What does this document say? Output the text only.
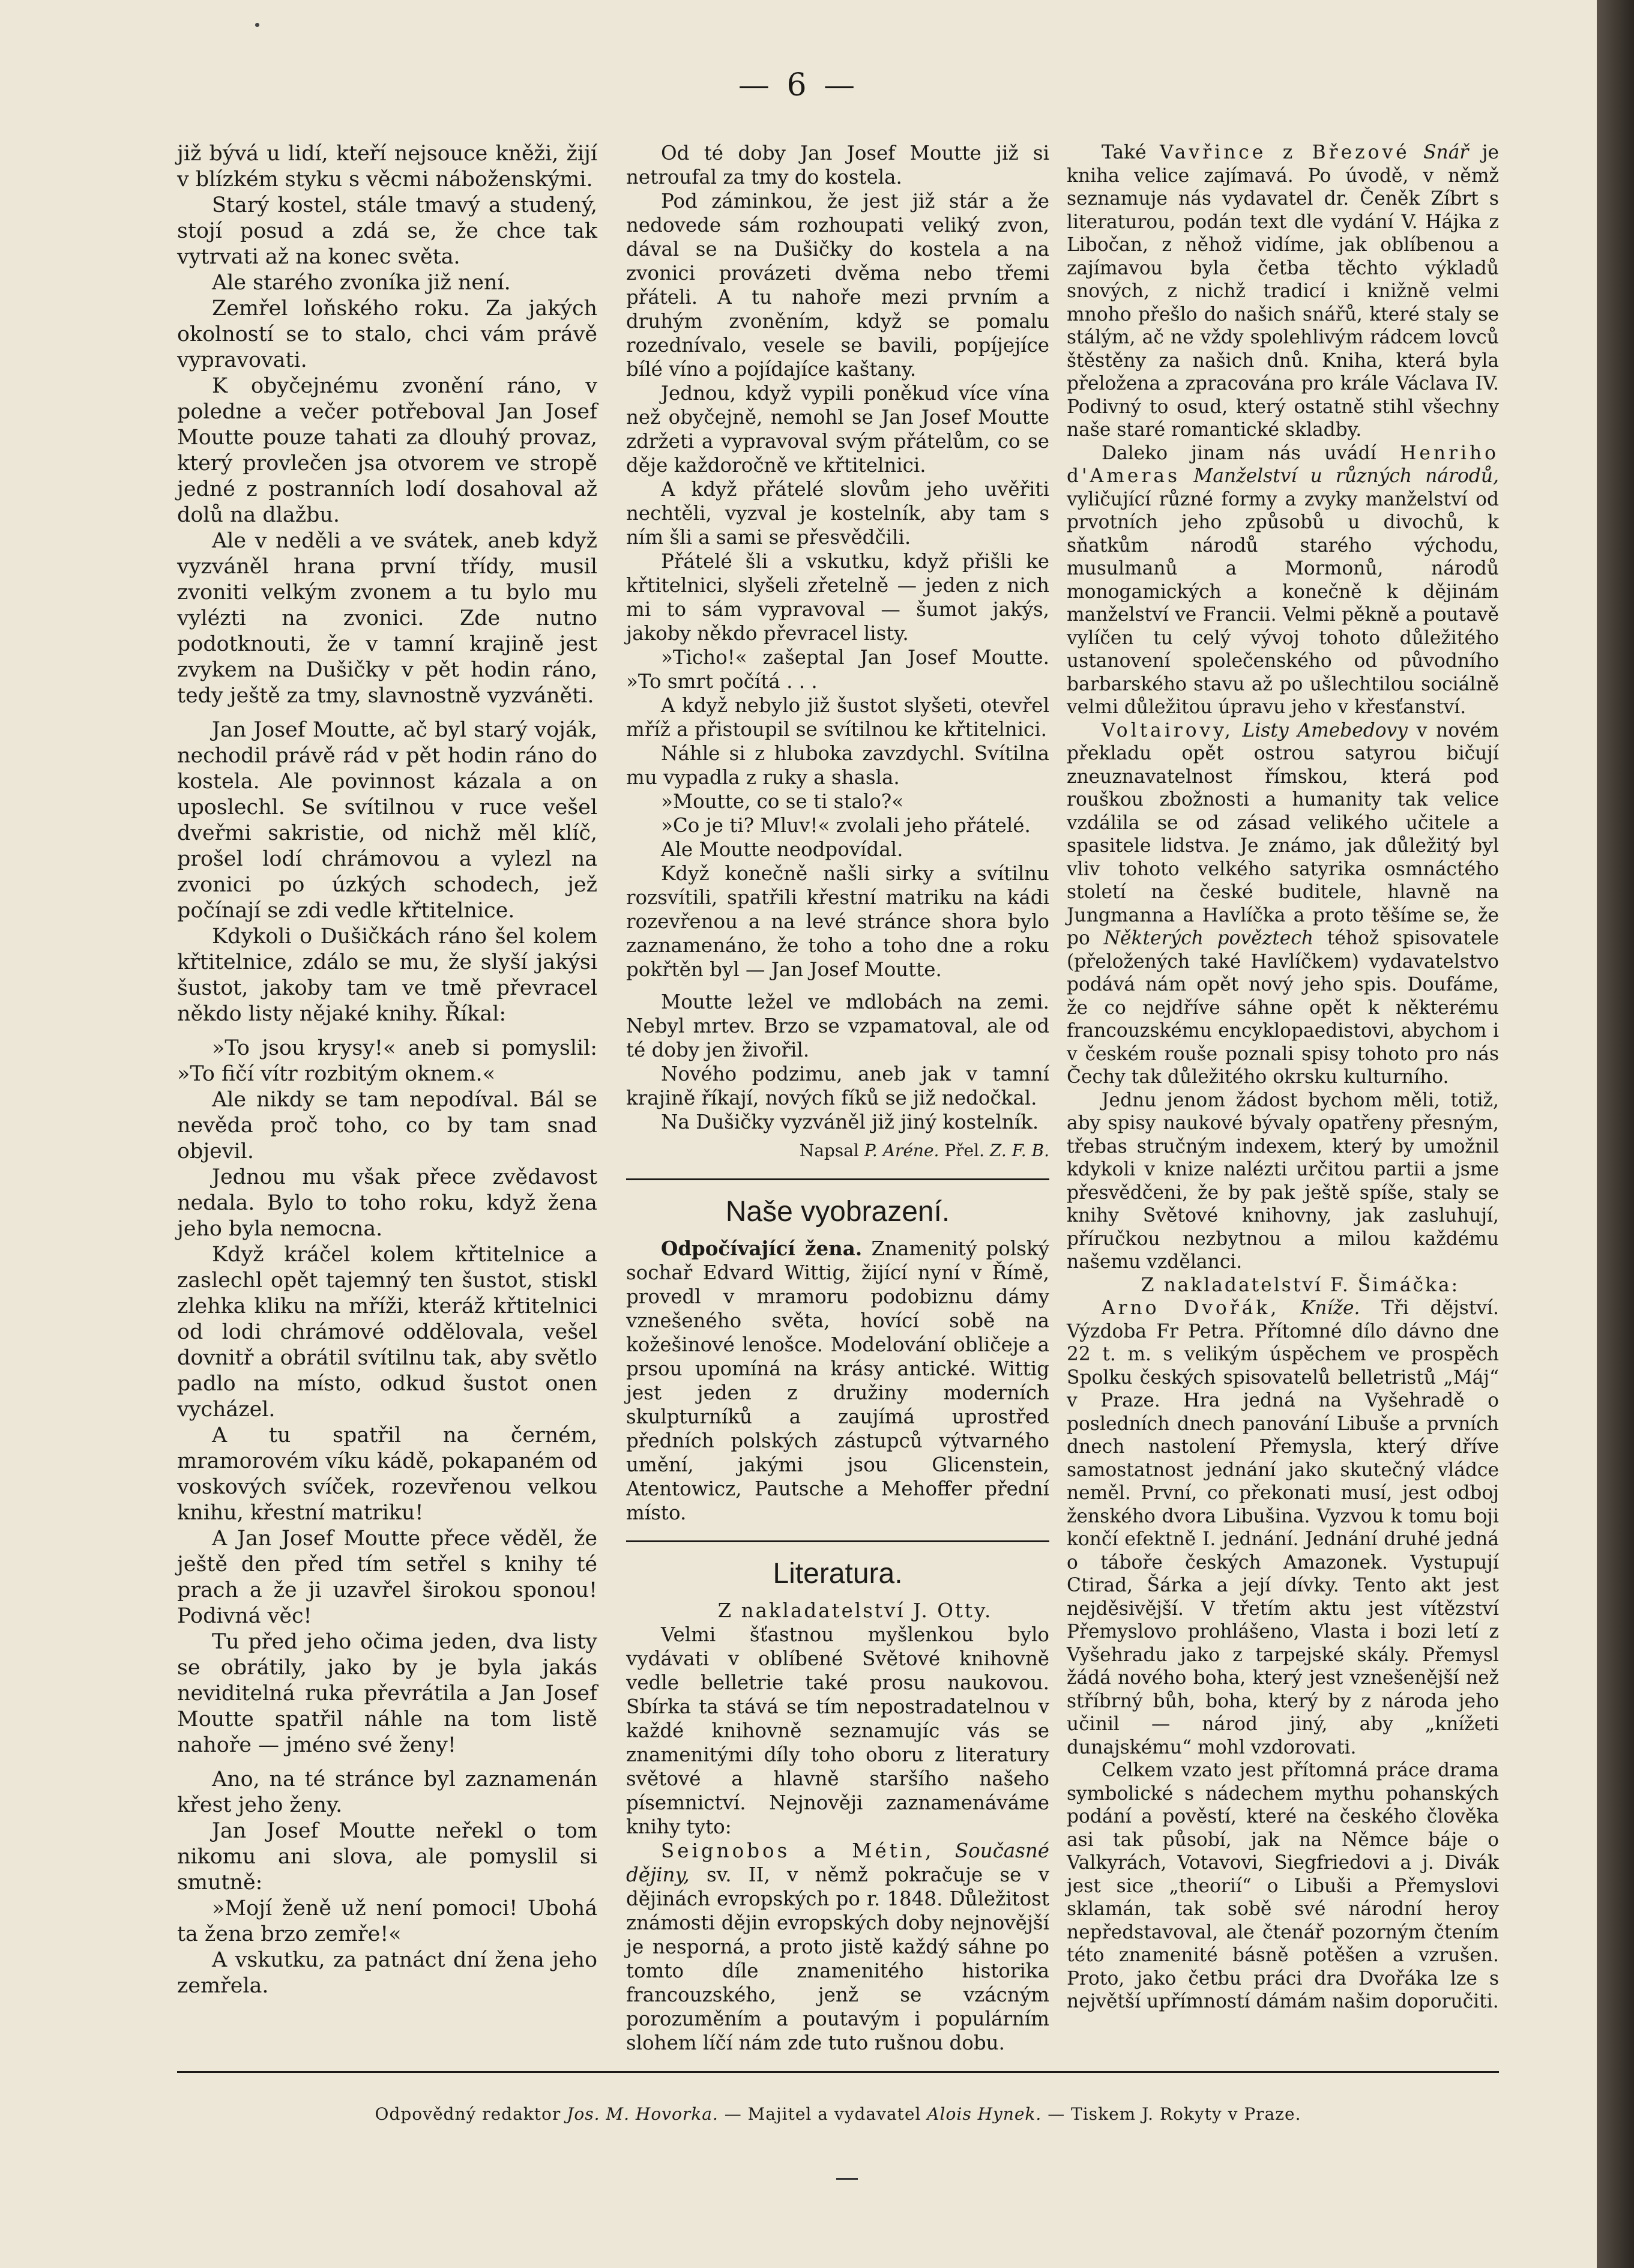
— 6 —

již bývá u lidí, kteří nejsouce kněži, žijí v blízkém styku s věcmi náboženskými.

Starý kostel, stále tmavý a studený, stojí posud a zdá se, že chce tak vytrvati až na konec světa.

Ale starého zvoníka již není.

Zemřel loňského roku. Za jakých okolností se to stalo, chci vám právě vypravovati.

K obyčejnému zvonění ráno, v poledne a večer potřeboval Jan Josef Moutte pouze tahati za dlouhý provaz, který provlečen jsa otvorem ve stropě jedné z postranních lodí dosahoval až dolů na dlažbu.

Ale v neděli a ve svátek, aneb když vyzváněl hrana první třídy, musil zvoniti velkým zvonem a tu bylo mu vylézti na zvonici. Zde nutno podotknouti, že v tamní krajině jest zvykem na Dušičky v pět hodin ráno, tedy ještě za tmy, slavnostně vyzváněti.

Jan Josef Moutte, ač byl starý voják, nechodil právě rád v pět hodin ráno do kostela. Ale povinnost kázala a on uposlechl. Se svítilnou v ruce vešel dveřmi sakristie, od nichž měl klíč, prošel lodí chrámovou a vylezl na zvonici po úzkých schodech, jež počínají se zdi vedle křtitelnice.

Kdykoli o Dušičkách ráno šel kolem křtitelnice, zdálo se mu, že slyší jakýsi šustot, jakoby tam ve tmě převracel někdo listy nějaké knihy. Říkal:

»To jsou krysy!« aneb si pomyslil: »To fičí vítr rozbitým oknem.«

Ale nikdy se tam nepodíval. Bál se nevěda proč toho, co by tam snad objevil.

Jednou mu však přece zvědavost nedala. Bylo to toho roku, když žena jeho byla nemocna.

Když kráčel kolem křtitelnice a zaslechl opět tajemný ten šustot, stiskl zlehka kliku na mříži, kteráž křtitelnici od lodi chrámové oddělovala, vešel dovnitř a obrátil svítilnu tak, aby světlo padlo na místo, odkud šustot onen vycházel.

A tu spatřil na černém, mramorovém víku kádě, pokapaném od voskových svíček, rozevřenou velkou knihu, křestní matriku!

A Jan Josef Moutte přece věděl, že ještě den před tím setřel s knihy té prach a že ji uzavřel širokou sponou! Podivná věc!

Tu před jeho očima jeden, dva listy se obrátily, jako by je byla jakás neviditelná ruka převrátila a Jan Josef Moutte spatřil náhle na tom listě nahoře — jméno své ženy!

Ano, na té stránce byl zaznamenán křest jeho ženy.

Jan Josef Moutte neřekl o tom nikomu ani slova, ale pomyslil si smutně:

»Mojí ženě už není pomoci! Ubohá ta žena brzo zemře!«

A vskutku, za patnáct dní žena jeho zemřela.

Od té doby Jan Josef Moutte již si netroufal za tmy do kostela.

Pod záminkou, že jest již stár a že nedovede sám rozhoupati veliký zvon, dával se na Dušičky do kostela a na zvonici provázeti dvěma nebo třemi přáteli. A tu nahoře mezi prvním a druhým zvoněním, když se pomalu rozednívalo, vesele se bavili, popíjejíce bílé víno a pojídajíce kaštany.

Jednou, když vypili poněkud více vína než obyčejně, nemohl se Jan Josef Moutte zdržeti a vypravoval svým přátelům, co se děje každoročně ve křtitelnici.

A když přátelé slovům jeho uvěřiti nechtěli, vyzval je kostelník, aby tam s ním šli a sami se přesvědčili.

Přátelé šli a vskutku, když přišli ke křtitelnici, slyšeli zřetelně — jeden z nich mi to sám vypravoval — šumot jakýs, jakoby někdo převracel listy.

»Ticho!« zašeptal Jan Josef Moutte. »To smrt počítá . . .

A když nebylo již šustot slyšeti, otevřel mříž a přistoupil se svítilnou ke křtitelnici.

Náhle si z hluboka zavzdychl. Svítilna mu vypadla z ruky a shasla.

»Moutte, co se ti stalo?«

»Co je ti? Mluv!« zvolali jeho přátelé.

Ale Moutte neodpovídal.

Když konečně našli sirky a svítilnu rozsvítili, spatřili křestní matriku na kádi rozevřenou a na levé stránce shora bylo zaznamenáno, že toho a toho dne a roku pokřtěn byl — Jan Josef Moutte.

Moutte ležel ve mdlobách na zemi. Nebyl mrtev. Brzo se vzpamatoval, ale od té doby jen živořil.

Nového podzimu, aneb jak v tamní krajině říkají, nových fíků se již nedočkal.

Na Dušičky vyzváněl již jiný kostelník.

Napsal P. Aréne. Přel. Z. F. B.
Naše vyobrazení.

Odpočívající žena. Znamenitý polský sochař Edvard Wittig, žijící nyní v Římě, provedl v mramoru podobiznu dámy vznešeného světa, hovící sobě na kožešinové lenošce. Modelování obličeje a prsou upomíná na krásy antické. Wittig jest jeden z družiny moderních skulpturníků a zaujímá uprostřed předních polských zástupců výtvarného umění, jakými jsou Glicenstein, Atentowicz, Pautsche a Mehoffer přední místo.

Literatura.

Z nakladatelství J. Otty.

Velmi šťastnou myšlenkou bylo vydávati v oblíbené Světové knihovně vedle belletrie také prosu naukovou. Sbírka ta stává se tím nepostradatelnou v každé knihovně seznamujíc vás se znamenitými díly toho oboru z literatury světové a hlavně staršího našeho písemnictví. Nejnověji zaznamenáváme knihy tyto:

Seignobos a Métin, Současné dějiny, sv. II, v němž pokračuje se v dějinách evropských po r. 1848. Důležitost známosti dějin evropských doby nejnovější je nesporná, a proto jistě každý sáhne po tomto díle znamenitého historika francouzského, jenž se vzácným porozuměním a poutavým i populárním slohem líčí nám zde tuto rušnou dobu.

Také Vavřince z Březové Snář je kniha velice zajímavá. Po úvodě, v němž seznamuje nás vydavatel dr. Čeněk Zíbrt s literaturou, podán text dle vydání V. Hájka z Libočan, z něhož vidíme, jak oblíbenou a zajímavou byla četba těchto výkladů snových, z nichž tradicí i knižně velmi mnoho přešlo do našich snářů, které staly se stálým, ač ne vždy spolehlivým rádcem lovců štěstěny za našich dnů. Kniha, která byla přeložena a zpracována pro krále Václava IV. Podivný to osud, který ostatně stihl všechny naše staré romantické skladby.

Daleko jinam nás uvádí Henriho d'Ameras Manželství u různých národů, vyličující různé formy a zvyky manželství od prvotních jeho způsobů u divochů, k sňatkům národů starého východu, musulmanů a Mormonů, národů monogamických a konečně k dějinám manželství ve Francii. Velmi pěkně a poutavě vylíčen tu celý vývoj tohoto důležitého ustanovení společenského od původního barbarského stavu až po ušlechtilou sociálně velmi důležitou úpravu jeho v křesťanství.

Voltairovy, Listy Amebedovy v novém překladu opět ostrou satyrou bičují zneuznavatelnost římskou, která pod rouškou zbožnosti a humanity tak velice vzdálila se od zásad velikého učitele a spasitele lidstva. Je známo, jak důležitý byl vliv tohoto velkého satyrika osmnáctého století na české buditele, hlavně na Jungmanna a Havlíčka a proto těšíme se, že po Některých pověztech téhož spisovatele (přeložených také Havlíčkem) vydavatelstvo podává nám opět nový jeho spis. Doufáme, že co nejdříve sáhne opět k některému francouzskému encyklopaedistovi, abychom i v českém rouše poznali spisy tohoto pro nás Čechy tak důležitého okrsku kulturního.

Jednu jenom žádost bychom měli, totiž, aby spisy naukové bývaly opatřeny přesným, třebas stručným indexem, který by umožnil kdykoli v knize nalézti určitou partii a jsme přesvědčeni, že by pak ještě spíše, staly se knihy Světové knihovny, jak zasluhují, příručkou nezbytnou a milou každému našemu vzdělanci.

Z nakladatelství F. Šimáčka:

Arno Dvořák, Kníže. Tři dějství. Výzdoba Fr Petra. Přítomné dílo dávno dne 22 t. m. s velikým úspěchem ve prospěch Spolku českých spisovatelů belletristů „Máj“ v Praze. Hra jedná na Vyšehradě o posledních dnech panování Libuše a prvních dnech nastolení Přemysla, který dříve samostatnost jednání jako skutečný vládce neměl. První, co překonati musí, jest odboj ženského dvora Libušina. Vyzvou k tomu boji končí efektně I. jednání. Jednání druhé jedná o táboře českých Amazonek. Vystupují Ctirad, Šárka a její dívky. Tento akt jest nejděsivější. V třetím aktu jest vítězství Přemyslovo prohlášeno, Vlasta i bozi letí z Vyšehradu jako z tarpejské skály. Přemysl žádá nového boha, který jest vznešenější než stříbrný bůh, boha, který by z národa jeho učinil — národ jiný, aby „knížeti dunajskému“ mohl vzdorovati.

Celkem vzato jest přítomná práce drama symbolické s nádechem mythu pohanských podání a pověstí, které na českého člověka asi tak působí, jak na Němce báje o Valkyrách, Votavovi, Siegfriedovi a j. Divák jest sice „theorií“ o Libuši a Přemyslovi sklamán, tak sobě své národní heroy nepředstavoval, ale čtenář pozorným čtením této znamenité básně potěšen a vzrušen. Proto, jako četbu práci dra Dvořáka lze s největší upřímností dámám našim doporučiti.

Odpovědný redaktor Jos. M. Hovorka. — Majitel a vydavatel Alois Hynek. — Tiskem J. Rokyty v Praze.
